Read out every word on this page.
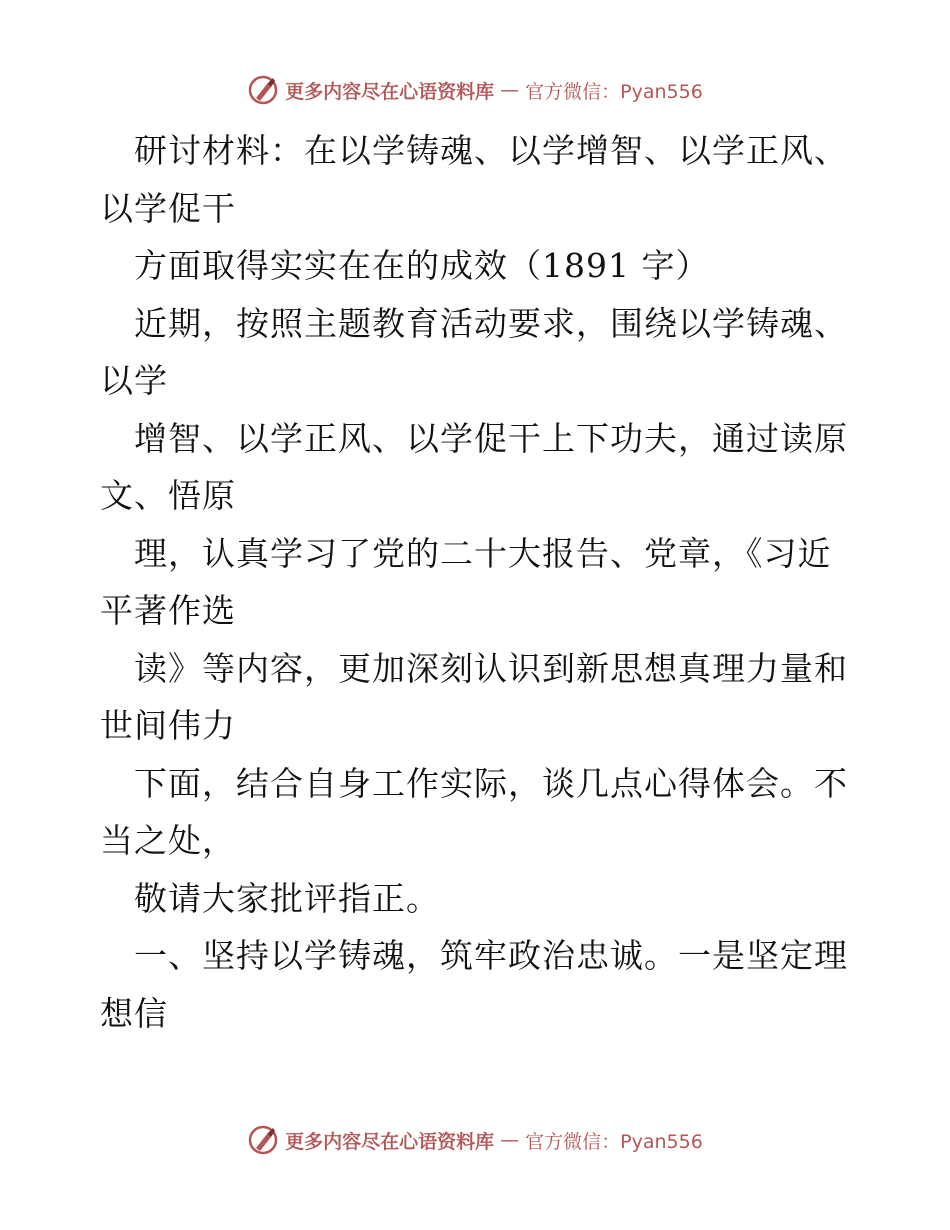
更多内容尽在心语资料库 — 官方微信：Pyan556
研讨材料：在以学铸魂、以学增智、以学正风、
以学促干
方面取得实实在在的成效（1891 字）
近期，按照主题教育活动要求，围绕以学铸魂、
以学
增智、以学正风、以学促干上下功夫，通过读原
文、悟原
理，认真学习了党的二十大报告、党章，《习近
平著作选
读》等内容，更加深刻认识到新思想真理力量和
世间伟力
下面，结合自身工作实际，谈几点心得体会。不
当之处，
敬请大家批评指正。
一、坚持以学铸魂，筑牢政治忠诚。一是坚定理
想信
更多内容尽在心语资料库 — 官方微信：Pyan556
